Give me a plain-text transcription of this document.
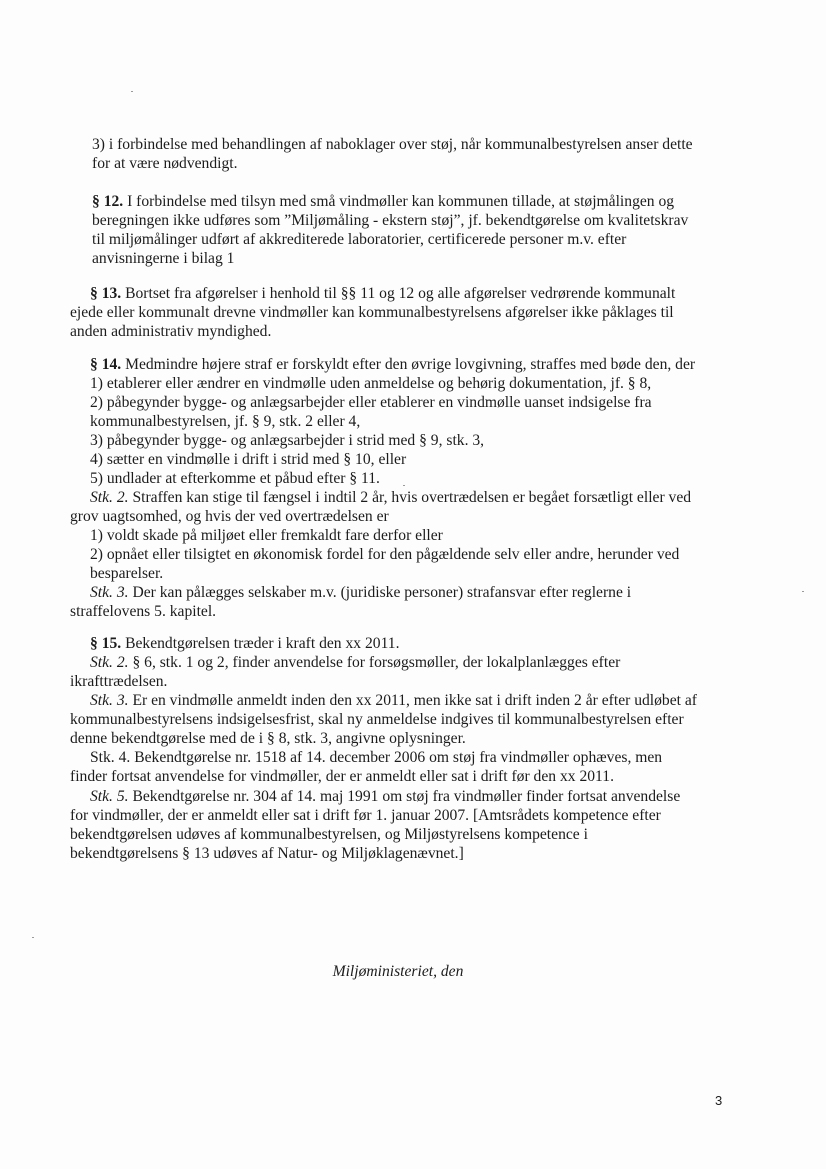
3) i forbindelse med behandlingen af naboklager over støj, når kommunalbestyrelsen anser dette
for at være nødvendigt.
§ 12. I forbindelse med tilsyn med små vindmøller kan kommunen tillade, at støjmålingen og
beregningen ikke udføres som ”Miljømåling - ekstern støj”, jf. bekendtgørelse om kvalitetskrav
til miljømålinger udført af akkrediterede laboratorier, certificerede personer m.v. efter
anvisningerne i bilag 1
§ 13. Bortset fra afgørelser i henhold til §§ 11 og 12 og alle afgørelser vedrørende kommunalt
ejede eller kommunalt drevne vindmøller kan kommunalbestyrelsens afgørelser ikke påklages til
anden administrativ myndighed.
§ 14. Medmindre højere straf er forskyldt efter den øvrige lovgivning, straffes med bøde den, der
1) etablerer eller ændrer en vindmølle uden anmeldelse og behørig dokumentation, jf. § 8,
2) påbegynder bygge- og anlægsarbejder eller etablerer en vindmølle uanset indsigelse fra
kommunalbestyrelsen, jf. § 9, stk. 2 eller 4,
3) påbegynder bygge- og anlægsarbejder i strid med § 9, stk. 3,
4) sætter en vindmølle i drift i strid med § 10, eller
5) undlader at efterkomme et påbud efter § 11.
Stk. 2. Straffen kan stige til fængsel i indtil 2 år, hvis overtrædelsen er begået forsætligt eller ved
grov uagtsomhed, og hvis der ved overtrædelsen er
1) voldt skade på miljøet eller fremkaldt fare derfor eller
2) opnået eller tilsigtet en økonomisk fordel for den pågældende selv eller andre, herunder ved
besparelser.
Stk. 3. Der kan pålægges selskaber m.v. (juridiske personer) strafansvar efter reglerne i
straffelovens 5. kapitel.
§ 15. Bekendtgørelsen træder i kraft den xx 2011.
Stk. 2. § 6, stk. 1 og 2, finder anvendelse for forsøgsmøller, der lokalplanlægges efter
ikrafttrædelsen.
Stk. 3. Er en vindmølle anmeldt inden den xx 2011, men ikke sat i drift inden 2 år efter udløbet af
kommunalbestyrelsens indsigelsesfrist, skal ny anmeldelse indgives til kommunalbestyrelsen efter
denne bekendtgørelse med de i § 8, stk. 3, angivne oplysninger.
Stk. 4. Bekendtgørelse nr. 1518 af 14. december 2006 om støj fra vindmøller ophæves, men
finder fortsat anvendelse for vindmøller, der er anmeldt eller sat i drift før den xx 2011.
Stk. 5. Bekendtgørelse nr. 304 af 14. maj 1991 om støj fra vindmøller finder fortsat anvendelse
for vindmøller, der er anmeldt eller sat i drift før 1. januar 2007. [Amtsrådets kompetence efter
bekendtgørelsen udøves af kommunalbestyrelsen, og Miljøstyrelsens kompetence i
bekendtgørelsens § 13 udøves af Natur- og Miljøklagenævnet.]
Miljøministeriet, den
3
